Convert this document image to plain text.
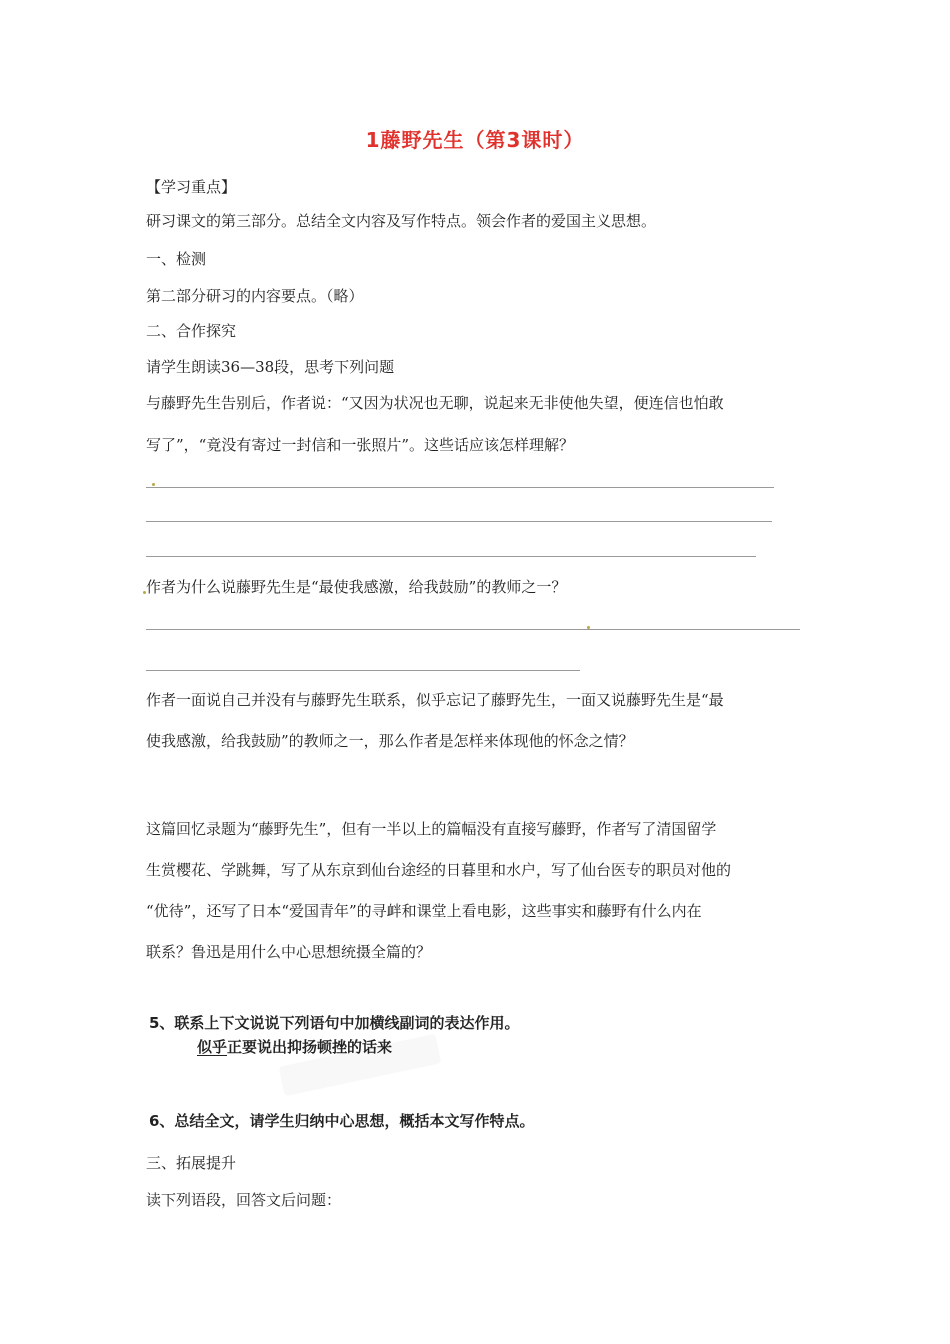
1藤野先生（第3课时）
【学习重点】
研习课文的第三部分。总结全文内容及写作特点。领会作者的爱国主义思想。
一、检测
第二部分研习的内容要点。（略）
二、合作探究
请学生朗读36—38段，思考下列问题
与藤野先生告别后，作者说：“又因为状况也无聊，说起来无非使他失望，便连信也怕敢
写了”，“竟没有寄过一封信和一张照片”。这些话应该怎样理解？
作者为什么说藤野先生是“最使我感激，给我鼓励”的教师之一？
作者一面说自己并没有与藤野先生联系，似乎忘记了藤野先生，一面又说藤野先生是“最
使我感激，给我鼓励”的教师之一，那么作者是怎样来体现他的怀念之情？
这篇回忆录题为“藤野先生”，但有一半以上的篇幅没有直接写藤野，作者写了清国留学
生赏樱花、学跳舞，写了从东京到仙台途经的日暮里和水户，写了仙台医专的职员对他的
“优待”，还写了日本“爱国青年”的寻衅和课堂上看电影，这些事实和藤野有什么内在
联系？鲁迅是用什么中心思想统摄全篇的？
5、联系上下文说说下列语句中加横线副词的表达作用。
似乎正要说出抑扬顿挫的话来
6、总结全文，请学生归纳中心思想，概括本文写作特点。
三、拓展提升
读下列语段，回答文后问题：
